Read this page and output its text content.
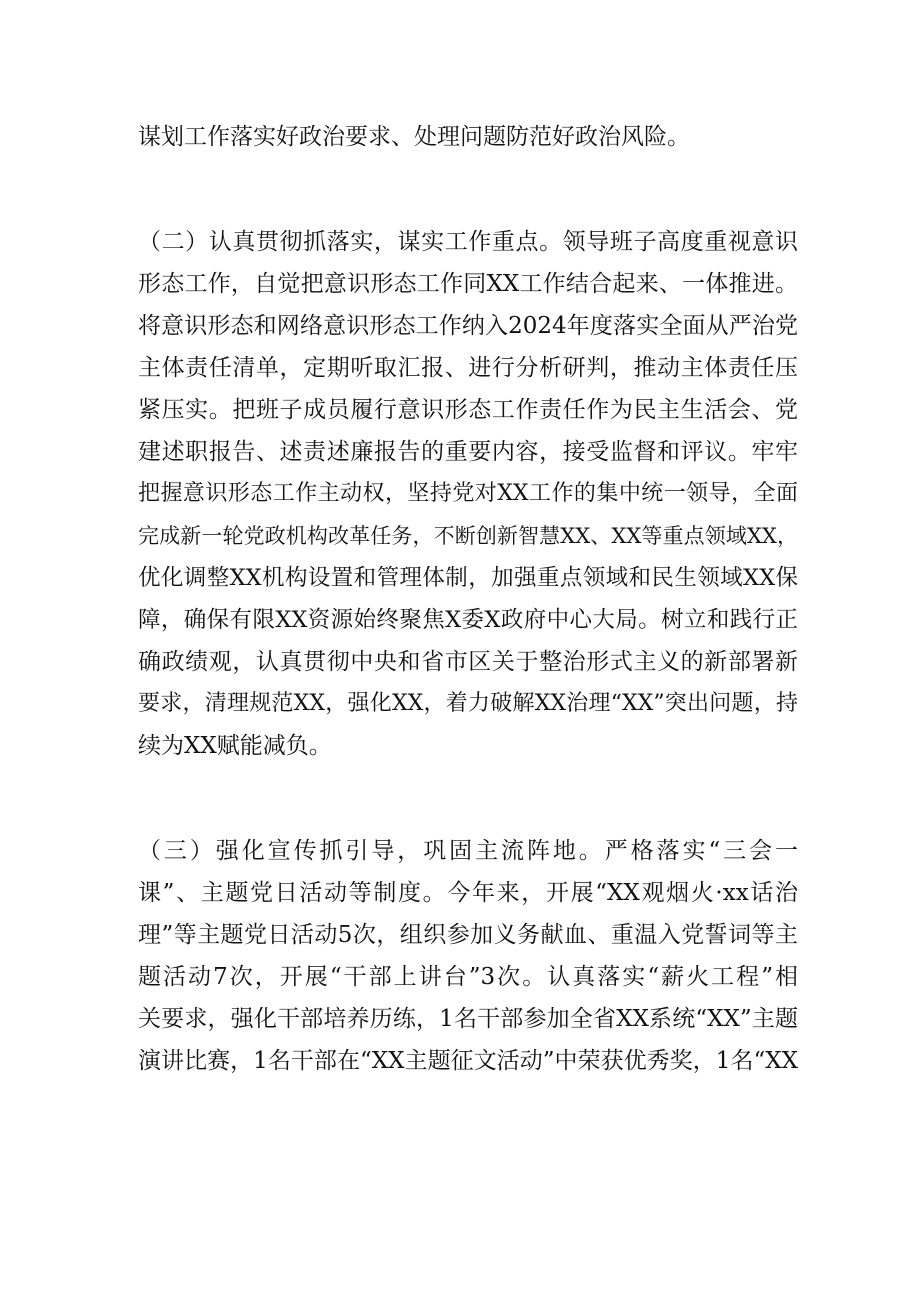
谋划工作落实好政治要求、处理问题防范好政治风险。
（二）认真贯彻抓落实，谋实工作重点。领导班子高度重视意识
形态工作，自觉把意识形态工作同XX工作结合起来、一体推进。
将意识形态和网络意识形态工作纳入2024年度落实全面从严治党
主体责任清单，定期听取汇报、进行分析研判，推动主体责任压
紧压实。把班子成员履行意识形态工作责任作为民主生活会、党
建述职报告、述责述廉报告的重要内容，接受监督和评议。牢牢
把握意识形态工作主动权，坚持党对XX工作的集中统一领导，全面
完成新一轮党政机构改革任务，不断创新智慧XX、XX等重点领域XX，
优化调整XX机构设置和管理体制，加强重点领域和民生领域XX保
障，确保有限XX资源始终聚焦X委X政府中心大局。树立和践行正
确政绩观，认真贯彻中央和省市区关于整治形式主义的新部署新
要求，清理规范XX，强化XX，着力破解XX治理“XX”突出问题，持
续为XX赋能减负。
（三）强化宣传抓引导，巩固主流阵地。严格落实“三会一
课”、主题党日活动等制度。今年来，开展“XX观烟火·xx话治
理”等主题党日活动5次，组织参加义务献血、重温入党誓词等主
题活动7次，开展“干部上讲台”3次。认真落实“薪火工程”相
关要求，强化干部培养历练，1名干部参加全省XX系统“XX”主题
演讲比赛，1名干部在“XX主题征文活动”中荣获优秀奖，1名“XX
